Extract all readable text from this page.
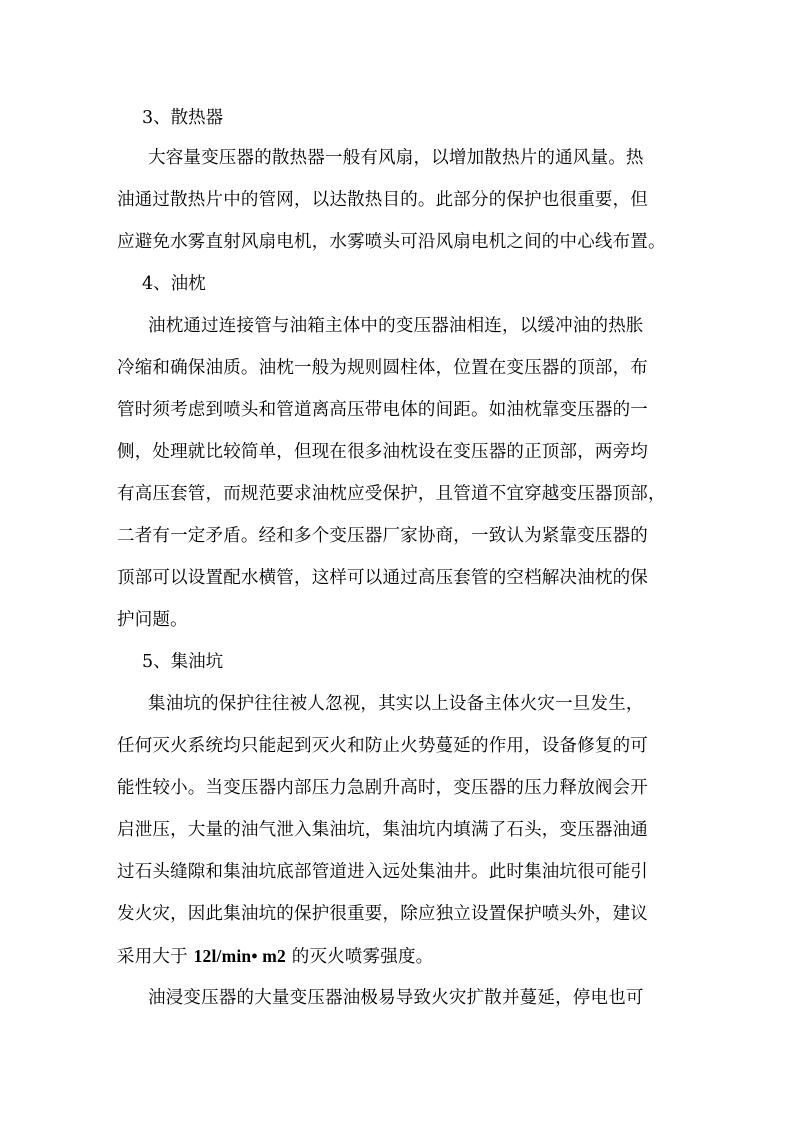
3、散热器
大容量变压器的散热器一般有风扇，以增加散热片的通风量。热
油通过散热片中的管网，以达散热目的。此部分的保护也很重要，但
应避免水雾直射风扇电机，水雾喷头可沿风扇电机之间的中心线布置。
4、油枕
油枕通过连接管与油箱主体中的变压器油相连，以缓冲油的热胀
冷缩和确保油质。油枕一般为规则圆柱体，位置在变压器的顶部，布
管时须考虑到喷头和管道离高压带电体的间距。如油枕靠变压器的一
侧，处理就比较简单，但现在很多油枕设在变压器的正顶部，两旁均
有高压套管，而规范要求油枕应受保护，且管道不宜穿越变压器顶部，
二者有一定矛盾。经和多个变压器厂家协商，一致认为紧靠变压器的
顶部可以设置配水横管，这样可以通过高压套管的空档解决油枕的保
护问题。
5、集油坑
集油坑的保护往往被人忽视，其实以上设备主体火灾一旦发生，
任何灭火系统均只能起到灭火和防止火势蔓延的作用，设备修复的可
能性较小。当变压器内部压力急剧升高时，变压器的压力释放阀会开
启泄压，大量的油气泄入集油坑，集油坑内填满了石头，变压器油通
过石头缝隙和集油坑底部管道进入远处集油井。此时集油坑很可能引
发火灾，因此集油坑的保护很重要，除应独立设置保护喷头外，建议
采用大于 12l/min• m2 的灭火喷雾强度。
油浸变压器的大量变压器油极易导致火灾扩散并蔓延，停电也可
